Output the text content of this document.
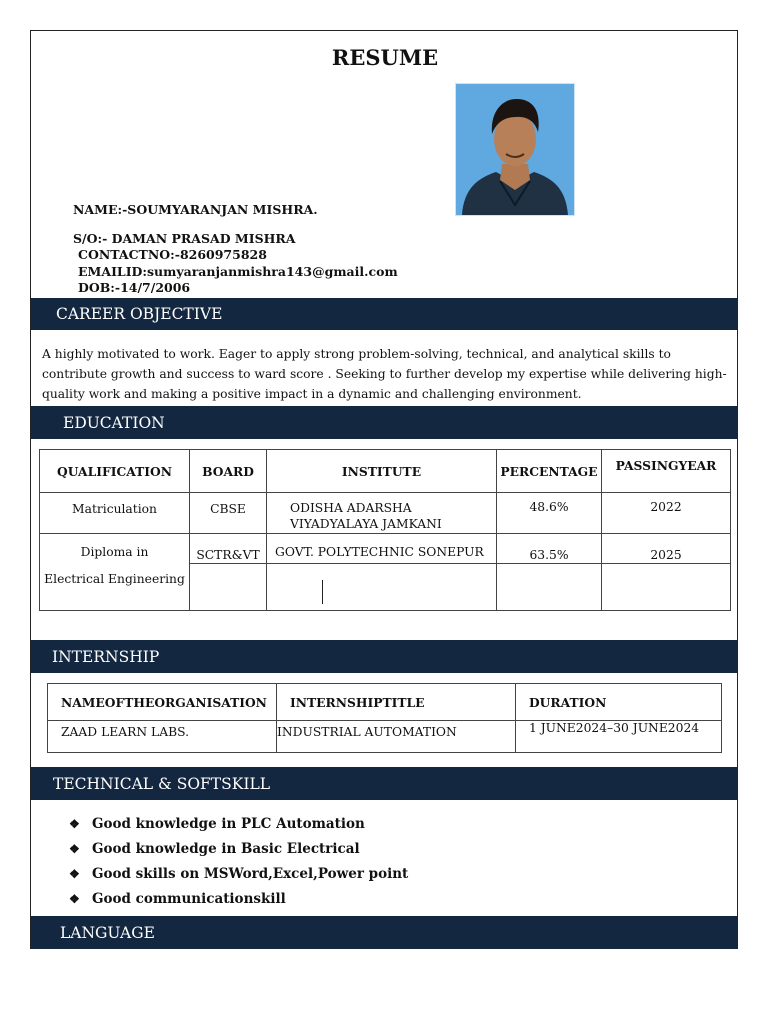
RESUME
NAME:-SOUMYARANJAN MISHRA.
S/O:- DAMAN PRASAD MISHRA
CONTACTNO:-8260975828
EMAILID:sumyaranjanmishra143@gmail.com
DOB:-14/7/2006
CAREER OBJECTIVE
A highly motivated to work. Eager to apply strong problem-solving, technical, and analytical skills to contribute growth and success to ward score . Seeking to further develop my expertise while delivering high-quality work and making a positive impact in a dynamic and challenging environment.
EDUCATION
QUALIFICATION	BOARD	INSTITUTE	PERCENTAGE	PASSINGYEAR
Matriculation	CBSE	ODISHA ADARSHA VIYADYALAYA JAMKANI	48.6%	2022
Diploma in	SCTR&VT	GOVT. POLYTECHNIC SONEPUR	63.5%	2025
Electrical Engineering				
INTERNSHIP
NAMEOFTHEORGANISATION	INTERNSHIPTITLE	DURATION
ZAAD LEARN LABS.	INDUSTRIAL AUTOMATION	1 JUNE2024–30 JUNE2024
TECHNICAL & SOFTSKILL
❖ Good knowledge in PLC Automation
❖ Good knowledge in Basic Electrical
❖ Good skills on MSWord,Excel,Power point
❖ Good communicationskill
LANGUAGE
